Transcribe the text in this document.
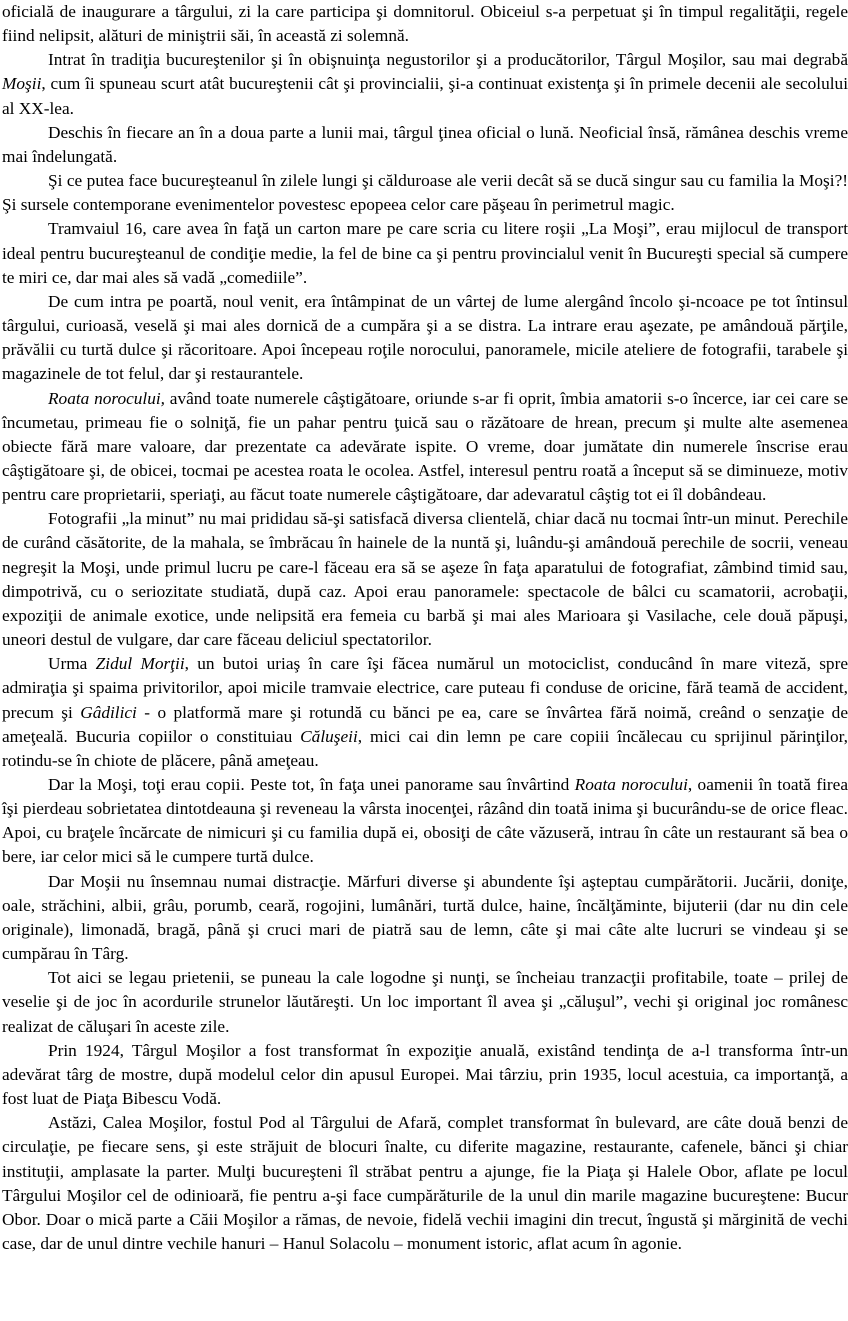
oficială de inaugurare a târgului, zi la care participa şi domnitorul. Obiceiul s-a perpetuat şi în timpul regalităţii, regele fiind nelipsit, alături de miniştrii săi, în această zi solemnă.

Intrat în tradiţia bucureştenilor şi în obişnuinţa negustorilor şi a producătorilor, Târgul Moşilor, sau mai degrabă Moşii, cum îi spuneau scurt atât bucureştenii cât şi provincialii, şi-a continuat existenţa şi în primele decenii ale secolului al XX-lea.

Deschis în fiecare an în a doua parte a lunii mai, târgul ţinea oficial o lună. Neoficial însă, rămânea deschis vreme mai îndelungată.

Şi ce putea face bucureşteanul în zilele lungi şi călduroase ale verii decât să se ducă singur sau cu familia la Moşi?! Şi sursele contemporane evenimentelor povestesc epopeea celor care păşeau în perimetrul magic.

Tramvaiul 16, care avea în faţă un carton mare pe care scria cu litere roşii „La Moşi”, erau mijlocul de transport ideal pentru bucureşteanul de condiţie medie, la fel de bine ca şi pentru provincialul venit în Bucureşti special să cumpere te miri ce, dar mai ales să vadă „comediile”.

De cum intra pe poartă, noul venit, era întâmpinat de un vârtej de lume alergând încolo şi-ncoace pe tot întinsul târgului, curioasă, veselă şi mai ales dornică de a cumpăra şi a se distra. La intrare erau aşezate, pe amândouă părţile, prăvălii cu turtă dulce şi răcoritoare. Apoi începeau roţile norocului, panoramele, micile ateliere de fotografii, tarabele şi magazinele de tot felul, dar şi restaurantele.

Roata norocului, având toate numerele câştigătoare, oriunde s-ar fi oprit, îmbia amatorii s-o încerce, iar cei care se încumetau, primeau fie o solniţă, fie un pahar pentru ţuică sau o răzătoare de hrean, precum şi multe alte asemenea obiecte fără mare valoare, dar prezentate ca adevărate ispite. O vreme, doar jumătate din numerele înscrise erau câştigătoare şi, de obicei, tocmai pe acestea roata le ocolea. Astfel, interesul pentru roată a început să se diminueze, motiv pentru care proprietarii, speriaţi, au făcut toate numerele câştigătoare, dar adevaratul câştig tot ei îl dobândeau.

Fotografii „la minut” nu mai prididau să-şi satisfacă diversa clientelă, chiar dacă nu tocmai într-un minut. Perechile de curând căsătorite, de la mahala, se îmbrăcau în hainele de la nuntă şi, luându-şi amândouă perechile de socrii, veneau negreşit la Moşi, unde primul lucru pe care-l făceau era să se aşeze în faţa aparatului de fotografiat, zâmbind timid sau, dimpotrivă, cu o seriozitate studiată, după caz. Apoi erau panoramele: spectacole de bâlci cu scamatorii, acrobaţii, expoziţii de animale exotice, unde nelipsită era femeia cu barbă şi mai ales Marioara şi Vasilache, cele două păpuşi, uneori destul de vulgare, dar care făceau deliciul spectatorilor.

Urma Zidul Morţii, un butoi uriaş în care îşi făcea numărul un motociclist, conducând în mare viteză, spre admiraţia şi spaima privitorilor, apoi micile tramvaie electrice, care puteau fi conduse de oricine, fără teamă de accident, precum şi Gâdilici - o platformă mare şi rotundă cu bănci pe ea, care se învârtea fără noimă, creând o senzaţie de ameţeală. Bucuria copiilor o constituiau Căluşeii, mici cai din lemn pe care copiii încălecau cu sprijinul părinţilor, rotindu-se în chiote de plăcere, până ameţeau.

Dar la Moşi, toţi erau copii. Peste tot, în faţa unei panorame sau învârtind Roata norocului, oamenii în toată firea îşi pierdeau sobrietatea dintotdeauna şi reveneau la vârsta inocenţei, râzând din toată inima şi bucurându-se de orice fleac. Apoi, cu braţele încărcate de nimicuri şi cu familia după ei, obosiţi de câte văzuseră, intrau în câte un restaurant să bea o bere, iar celor mici să le cumpere turtă dulce.

Dar Moşii nu însemnau numai distracţie. Mărfuri diverse şi abundente îşi aşteptau cumpărătorii. Jucării, doniţe, oale, străchini, albii, grâu, porumb, ceară, rogojini, lumânări, turtă dulce, haine, încălţăminte, bijuterii (dar nu din cele originale), limonadă, bragă, până şi cruci mari de piatră sau de lemn, câte şi mai câte alte lucruri se vindeau şi se cumpărau în Târg.

Tot aici se legau prietenii, se puneau la cale logodne şi nunţi, se încheiau tranzacţii profitabile, toate – prilej de veselie şi de joc în acordurile strunelor lăutăreşti. Un loc important îl avea şi „căluşul”, vechi şi original joc românesc realizat de căluşari în aceste zile.

Prin 1924, Târgul Moşilor a fost transformat în expoziţie anuală, existând tendinţa de a-l transforma într-un adevărat târg de mostre, după modelul celor din apusul Europei. Mai târziu, prin 1935, locul acestuia, ca importanţă, a fost luat de Piaţa Bibescu Vodă.

Astăzi, Calea Moşilor, fostul Pod al Târgului de Afară, complet transformat în bulevard, are câte două benzi de circulaţie, pe fiecare sens, şi este străjuit de blocuri înalte, cu diferite magazine, restaurante, cafenele, bănci şi chiar instituţii, amplasate la parter. Mulţi bucureşteni îl străbat pentru a ajunge, fie la Piaţa şi Halele Obor, aflate pe locul Târgului Moşilor cel de odinioară, fie pentru a-şi face cumpărăturile de la unul din marile magazine bucureştene: Bucur Obor. Doar o mică parte a Căii Moşilor a rămas, de nevoie, fidelă vechii imagini din trecut, îngustă şi mărginită de vechi case, dar de unul dintre vechile hanuri – Hanul Solacolu – monument istoric, aflat acum în agonie.
